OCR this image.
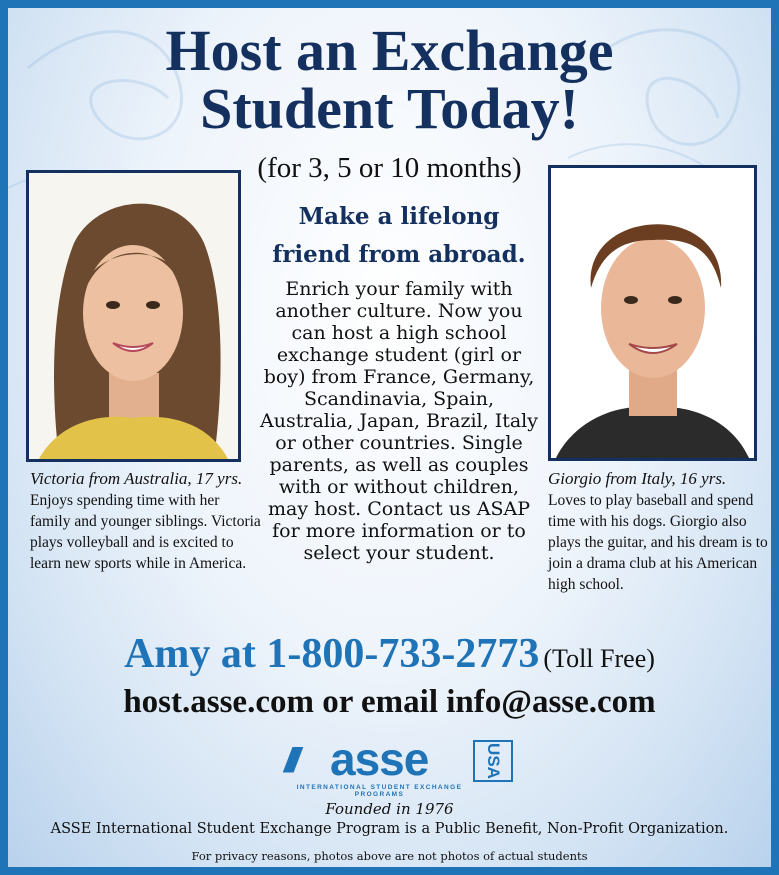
Host an Exchange
Student Today!
(for 3, 5 or 10 months)
Victoria from Australia, 17 yrs.
Enjoys spending time with her family and younger siblings. Victoria plays volleyball and is excited to learn new sports while in America.

Make a lifelong
friend from abroad.

Enrich your family with another culture. Now you can host a high school exchange student (girl or boy) from France, Germany, Scandinavia, Spain, Australia, Japan, Brazil, Italy or other countries. Single parents, as well as couples with or without children, may host. Contact us ASAP for more information or to select your student.

Giorgio from Italy, 16 yrs.
Loves to play baseball and spend time with his dogs. Giorgio also plays the guitar, and his dream is to join a drama club at his American high school.
Amy at 1-800-733-2773 (Toll Free)
host.asse.com or email info@asse.com
/// asse	USA
INTERNATIONAL STUDENT EXCHANGE PROGRAMS
Founded in 1976
ASSE International Student Exchange Program is a Public Benefit, Non-Profit Organization.
For privacy reasons, photos above are not photos of actual students
